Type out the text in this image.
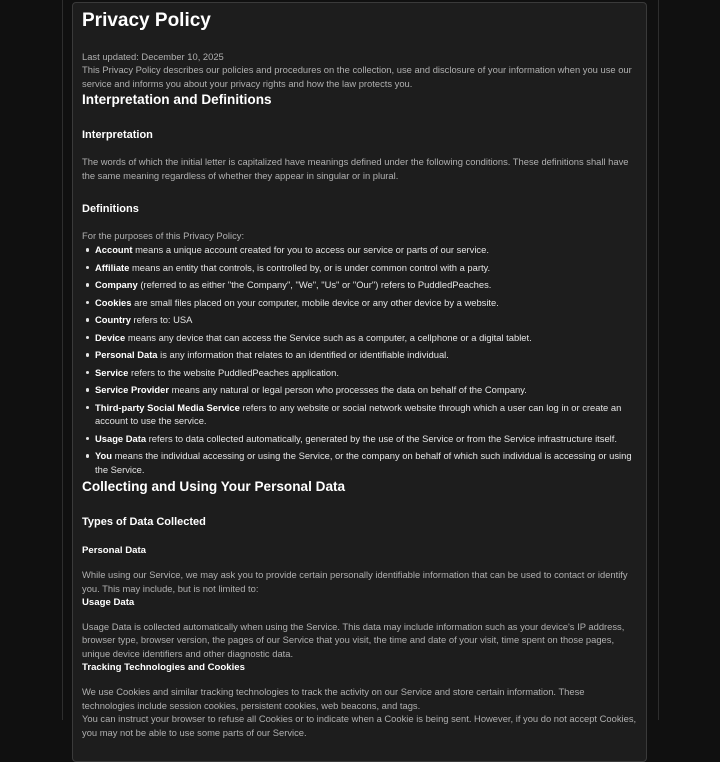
Privacy Policy

Last updated: December 10, 2025

This Privacy Policy describes our policies and procedures on the collection, use and disclosure of your information when you use our service and informs you about your privacy rights and how the law protects you.

Interpretation and Definitions
Interpretation

The words of which the initial letter is capitalized have meanings defined under the following conditions. These definitions shall have the same meaning regardless of whether they appear in singular or in plural.

Definitions

For the purposes of this Privacy Policy:

Account means a unique account created for you to access our service or parts of our service.
Affiliate means an entity that controls, is controlled by, or is under common control with a party.
Company (referred to as either "the Company", "We", "Us" or "Our") refers to PuddledPeaches.
Cookies are small files placed on your computer, mobile device or any other device by a website.
Country refers to: USA
Device means any device that can access the Service such as a computer, a cellphone or a digital tablet.
Personal Data is any information that relates to an identified or identifiable individual.
Service refers to the website PuddledPeaches application.
Service Provider means any natural or legal person who processes the data on behalf of the Company.
Third-party Social Media Service refers to any website or social network website through which a user can log in or create an account to use the service.
Usage Data refers to data collected automatically, generated by the use of the Service or from the Service infrastructure itself.
You means the individual accessing or using the Service, or the company on behalf of which such individual is accessing or using the Service.
Collecting and Using Your Personal Data
Types of Data Collected
Personal Data

While using our Service, we may ask you to provide certain personally identifiable information that can be used to contact or identify you. This may include, but is not limited to:

Usage Data

Usage Data is collected automatically when using the Service. This data may include information such as your device's IP address, browser type, browser version, the pages of our Service that you visit, the time and date of your visit, time spent on those pages, unique device identifiers and other diagnostic data.

Tracking Technologies and Cookies

We use Cookies and similar tracking technologies to track the activity on our Service and store certain information. These technologies include session cookies, persistent cookies, web beacons, and tags.

You can instruct your browser to refuse all Cookies or to indicate when a Cookie is being sent. However, if you do not accept Cookies, you may not be able to use some parts of our Service.
